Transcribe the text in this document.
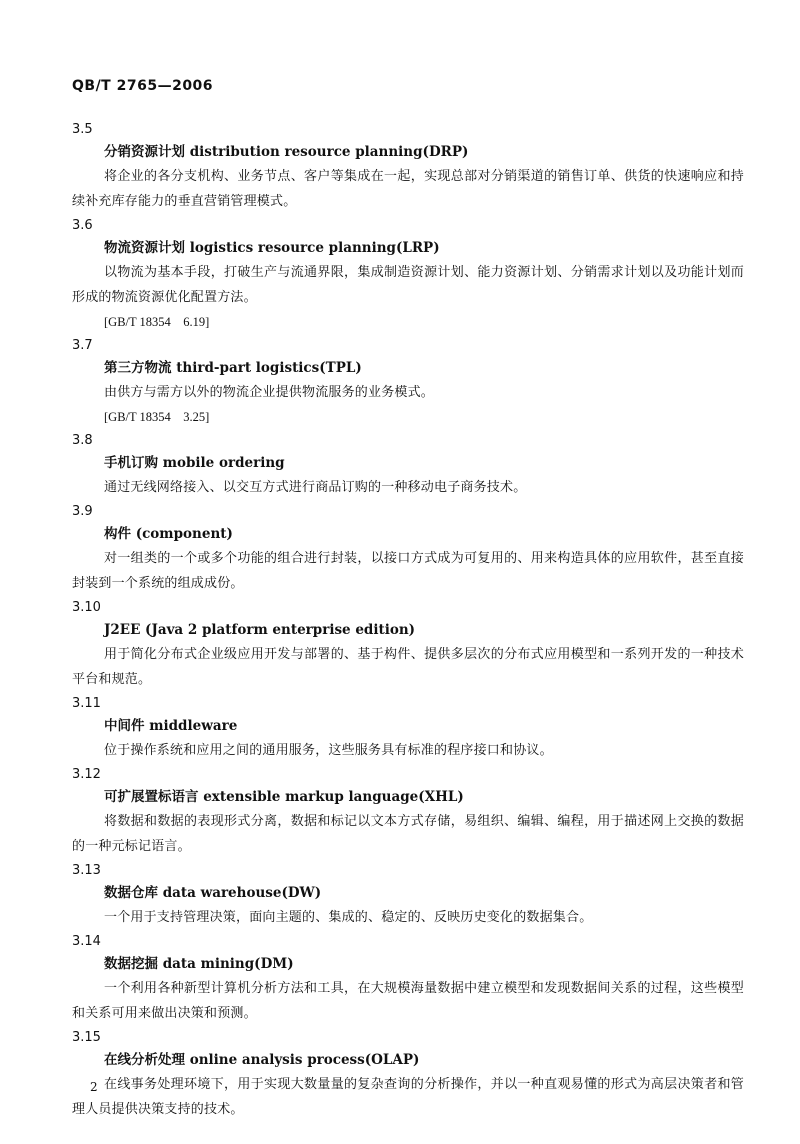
QB/T 2765—2006
3.5
分销资源计划 distribution resource planning(DRP)
将企业的各分支机构、业务节点、客户等集成在一起，实现总部对分销渠道的销售订单、供货的快速响应和持续补充库存能力的垂直营销管理模式。
3.6
物流资源计划 logistics resource planning(LRP)
以物流为基本手段，打破生产与流通界限，集成制造资源计划、能力资源计划、分销需求计划以及功能计划而形成的物流资源优化配置方法。
[GB/T 18354    6.19]
3.7
第三方物流 third-part logistics(TPL)
由供方与需方以外的物流企业提供物流服务的业务模式。
[GB/T 18354    3.25]
3.8
手机订购 mobile ordering
通过无线网络接入、以交互方式进行商品订购的一种移动电子商务技术。
3.9
构件 (component)
对一组类的一个或多个功能的组合进行封装，以接口方式成为可复用的、用来构造具体的应用软件，甚至直接封装到一个系统的组成成份。
3.10
J2EE (Java 2 platform enterprise edition)
用于简化分布式企业级应用开发与部署的、基于构件、提供多层次的分布式应用模型和一系列开发的一种技术平台和规范。
3.11
中间件 middleware
位于操作系统和应用之间的通用服务，这些服务具有标准的程序接口和协议。
3.12
可扩展置标语言 extensible markup language(XHL)
将数据和数据的表现形式分离，数据和标记以文本方式存储，易组织、编辑、编程，用于描述网上交换的数据的一种元标记语言。
3.13
数据仓库 data warehouse(DW)
一个用于支持管理决策，面向主题的、集成的、稳定的、反映历史变化的数据集合。
3.14
数据挖掘 data mining(DM)
一个利用各种新型计算机分析方法和工具，在大规模海量数据中建立模型和发现数据间关系的过程，这些模型和关系可用来做出决策和预测。
3.15
在线分析处理 online analysis process(OLAP)
在线事务处理环境下，用于实现大数量量的复杂查询的分析操作，并以一种直观易懂的形式为高层决策者和管理人员提供决策支持的技术。
2
